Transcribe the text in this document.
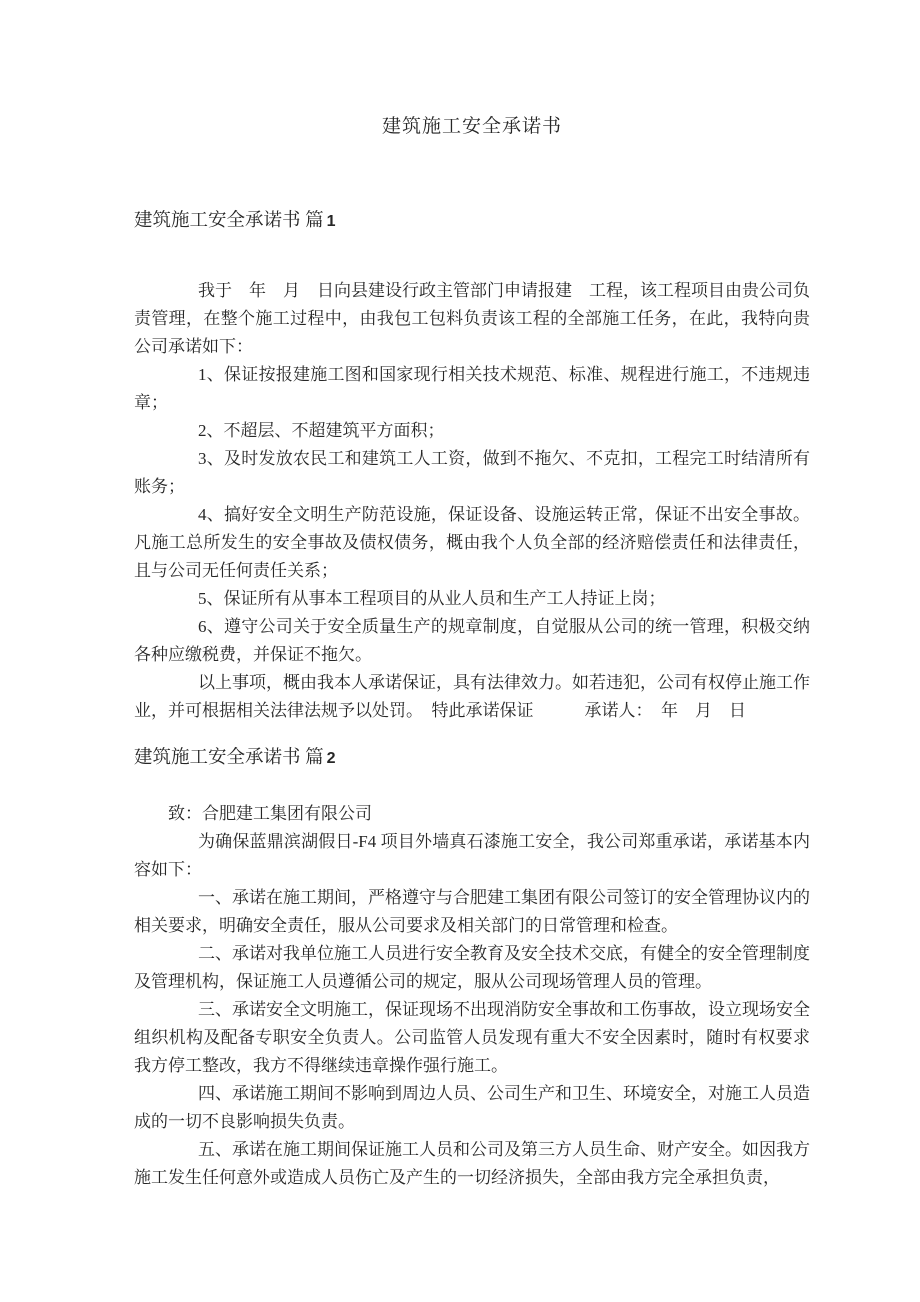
建筑施工安全承诺书
建筑施工安全承诺书 篇 1

我于　年　月　日向县建设行政主管部门申请报建　工程，该工程项目由贵公司负责管理，在整个施工过程中，由我包工包料负责该工程的全部施工任务，在此，我特向贵公司承诺如下：

1、保证按报建施工图和国家现行相关技术规范、标准、规程进行施工，不违规违章；

2、不超层、不超建筑平方面积；

3、及时发放农民工和建筑工人工资，做到不拖欠、不克扣，工程完工时结清所有账务；

4、搞好安全文明生产防范设施，保证设备、设施运转正常，保证不出安全事故。凡施工总所发生的安全事故及债权债务，概由我个人负全部的经济赔偿责任和法律责任，且与公司无任何责任关系；

5、保证所有从事本工程项目的从业人员和生产工人持证上岗；

6、遵守公司关于安全质量生产的规章制度，自觉服从公司的统一管理，积极交纳各种应缴税费，并保证不拖欠。

以上事项，概由我本人承诺保证，具有法律效力。如若违犯，公司有权停止施工作业，并可根据相关法律法规予以处罚。　特此承诺保证　　　承诺人：　年　月　日

建筑施工安全承诺书 篇 2

致：合肥建工集团有限公司

为确保蓝鼎滨湖假日-F4 项目外墙真石漆施工安全，我公司郑重承诺，承诺基本内容如下：

一、承诺在施工期间，严格遵守与合肥建工集团有限公司签订的安全管理协议内的相关要求，明确安全责任，服从公司要求及相关部门的日常管理和检查。

二、承诺对我单位施工人员进行安全教育及安全技术交底，有健全的安全管理制度及管理机构，保证施工人员遵循公司的规定，服从公司现场管理人员的管理。

三、承诺安全文明施工，保证现场不出现消防安全事故和工伤事故，设立现场安全组织机构及配备专职安全负责人。公司监管人员发现有重大不安全因素时，随时有权要求我方停工整改，我方不得继续违章操作强行施工。

四、承诺施工期间不影响到周边人员、公司生产和卫生、环境安全，对施工人员造成的一切不良影响损失负责。

五、承诺在施工期间保证施工人员和公司及第三方人员生命、财产安全。如因我方施工发生任何意外或造成人员伤亡及产生的一切经济损失，全部由我方完全承担负责，
